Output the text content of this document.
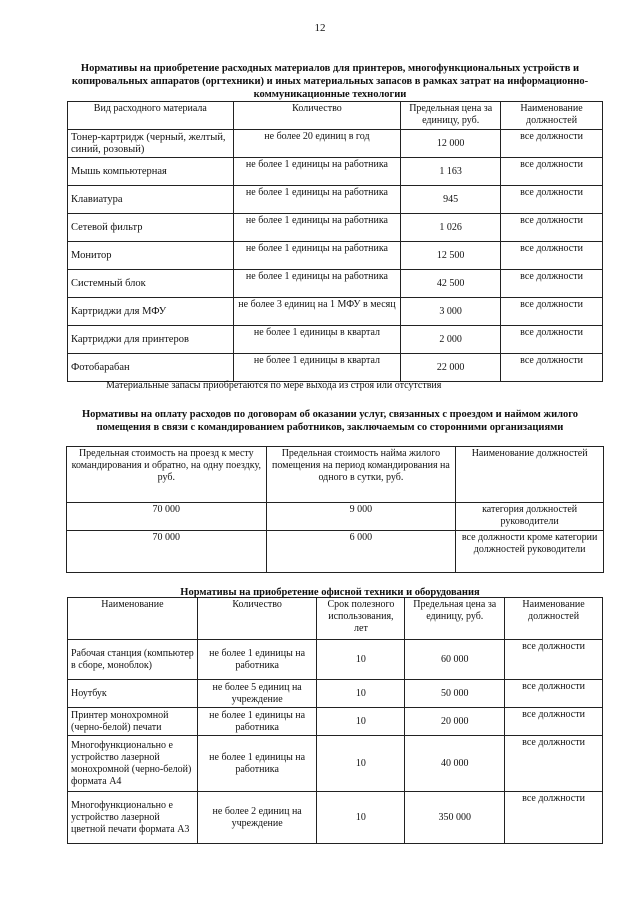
12
Нормативы на приобретение расходных материалов для принтеров, многофункциональных устройств и копировальных аппаратов (оргтехники) и иных материальных запасов в рамках затрат на информационно-коммуникационные технологии
Вид расходного материала	Количество	Предельная цена за единицу, руб.	Наименование должностей
Тонер-картридж (черный, желтый, синий, розовый)	не более 20 единиц в год	12 000	все должности
Мышь компьютерная	не более 1 единицы на работника	1 163	все должности
Клавиатура	не более 1 единицы на работника	945	все должности
Сетевой фильтр	не более 1 единицы на работника	1 026	все должности
Монитор	не более 1 единицы на работника	12 500	все должности
Системный блок	не более 1 единицы на работника	42 500	все должности
Картриджи для МФУ	не более 3 единиц на 1 МФУ в месяц	3 000	все должности
Картриджи для принтеров	не более 1 единицы в квартал	2 000	все должности
Фотобарабан	не более 1 единицы в квартал	22 000	все должности
Материальные запасы приобретаются по мере выхода из строя или отсутствия
Нормативы на оплату расходов по договорам об оказании услуг, связанных с проездом и наймом жилого помещения в связи с командированием работников, заключаемым со сторонними организациями
Предельная стоимость на проезд к месту командирования и обратно, на одну поездку, руб.	Предельная стоимость найма жилого помещения на период командирования на одного в сутки, руб.	Наименование должностей
70 000	9 000	категория должностей руководители
70 000	6 000	все должности кроме категории должностей руководители
Нормативы на приобретение офисной техники и оборудования
Наименование	Количество	Срок полезного использования, лет	Предельная цена за единицу, руб.	Наименование должностей
Рабочая станция (компьютер в сборе, моноблок)	не более 1 единицы на работника	10	60 000	все должности
Ноутбук	не более 5 единиц на учреждение	10	50 000	все должности
Принтер монохромной (черно-белой) печати	не более 1 единицы на работника	10	20 000	все должности
Многофункционально е устройство лазерной монохромной (черно-белой) формата А4	не более 1 единицы на работника	10	40 000	все должности
Многофункционально е устройство лазерной цветной печати формата А3	не более 2 единиц на учреждение	10	350 000	все должности
